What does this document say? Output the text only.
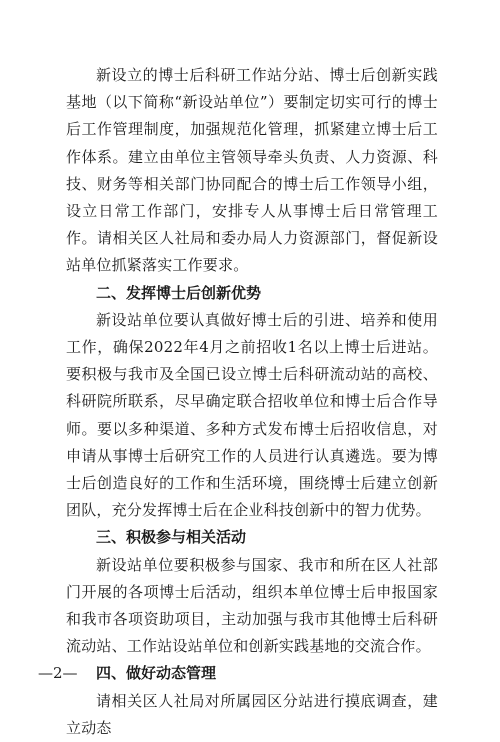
新设立的博士后科研工作站分站、博士后创新实践基地（以下简称“新设站单位”）要制定切实可行的博士后工作管理制度，加强规范化管理，抓紧建立博士后工作体系。建立由单位主管领导牵头负责、人力资源、科技、财务等相关部门协同配合的博士后工作领导小组，设立日常工作部门，安排专人从事博士后日常管理工作。请相关区人社局和委办局人力资源部门，督促新设站单位抓紧落实工作要求。

二、发挥博士后创新优势

新设站单位要认真做好博士后的引进、培养和使用工作，确保2022年4月之前招收1名以上博士后进站。要积极与我市及全国已设立博士后科研流动站的高校、科研院所联系，尽早确定联合招收单位和博士后合作导师。要以多种渠道、多种方式发布博士后招收信息，对申请从事博士后研究工作的人员进行认真遴选。要为博士后创造良好的工作和生活环境，围绕博士后建立创新团队，充分发挥博士后在企业科技创新中的智力优势。

三、积极参与相关活动

新设站单位要积极参与国家、我市和所在区人社部门开展的各项博士后活动，组织本单位博士后申报国家和我市各项资助项目，主动加强与我市其他博士后科研流动站、工作站设站单位和创新实践基地的交流合作。

四、做好动态管理

请相关区人社局对所属园区分站进行摸底调查，建立动态

—2—
